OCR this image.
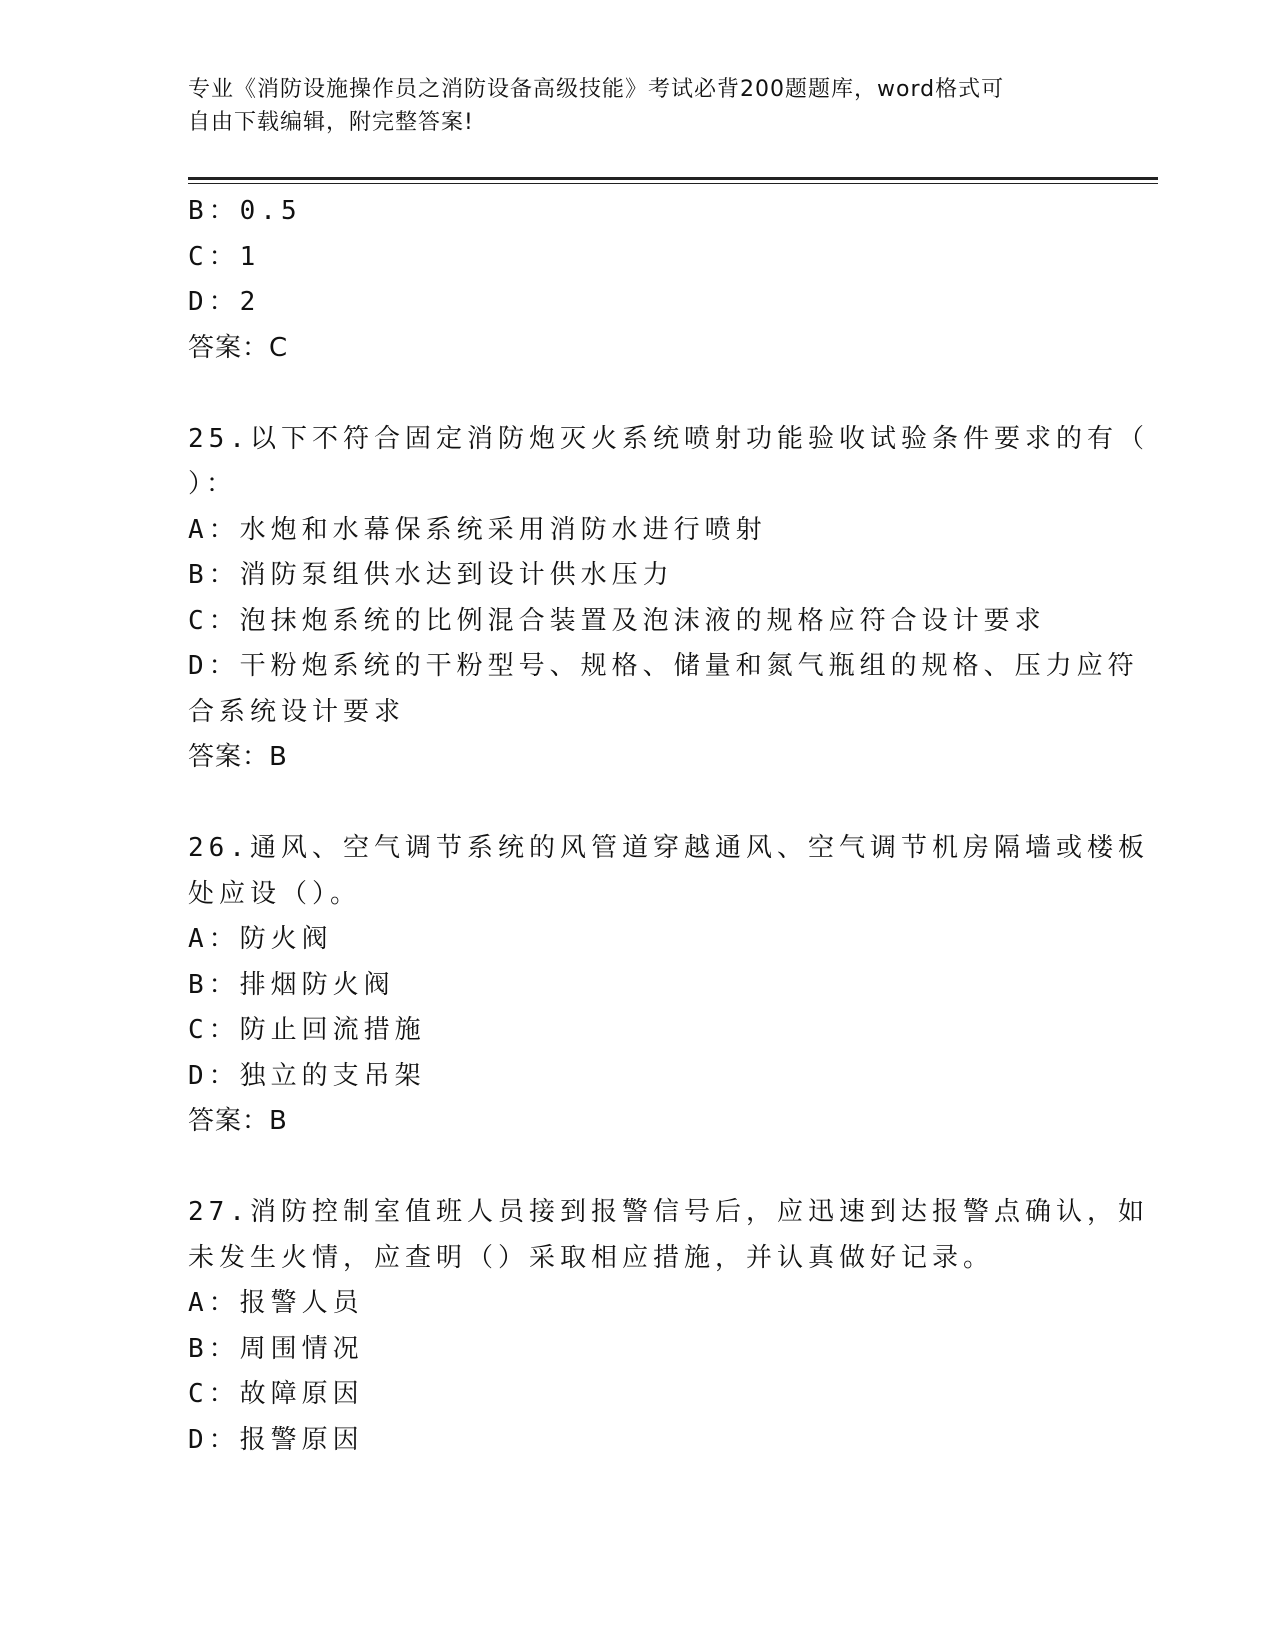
专业《消防设施操作员之消防设备高级技能》考试必背200题题库，word格式可
自由下载编辑，附完整答案!
B：0.5
C：1
D：2
答案：C
25.以下不符合固定消防炮灭火系统喷射功能验收试验条件要求的有（
）：
A：水炮和水幕保系统采用消防水进行喷射
B：消防泵组供水达到设计供水压力
C：泡抹炮系统的比例混合装置及泡沫液的规格应符合设计要求
D：干粉炮系统的干粉型号、规格、储量和氮气瓶组的规格、压力应符
合系统设计要求
答案：B
26.通风、空气调节系统的风管道穿越通风、空气调节机房隔墙或楼板
处应设（）。
A：防火阀
B：排烟防火阀
C：防止回流措施
D：独立的支吊架
答案：B
27.消防控制室值班人员接到报警信号后，应迅速到达报警点确认，如
未发生火情，应查明（）采取相应措施，并认真做好记录。
A：报警人员
B：周围情况
C：故障原因
D：报警原因
